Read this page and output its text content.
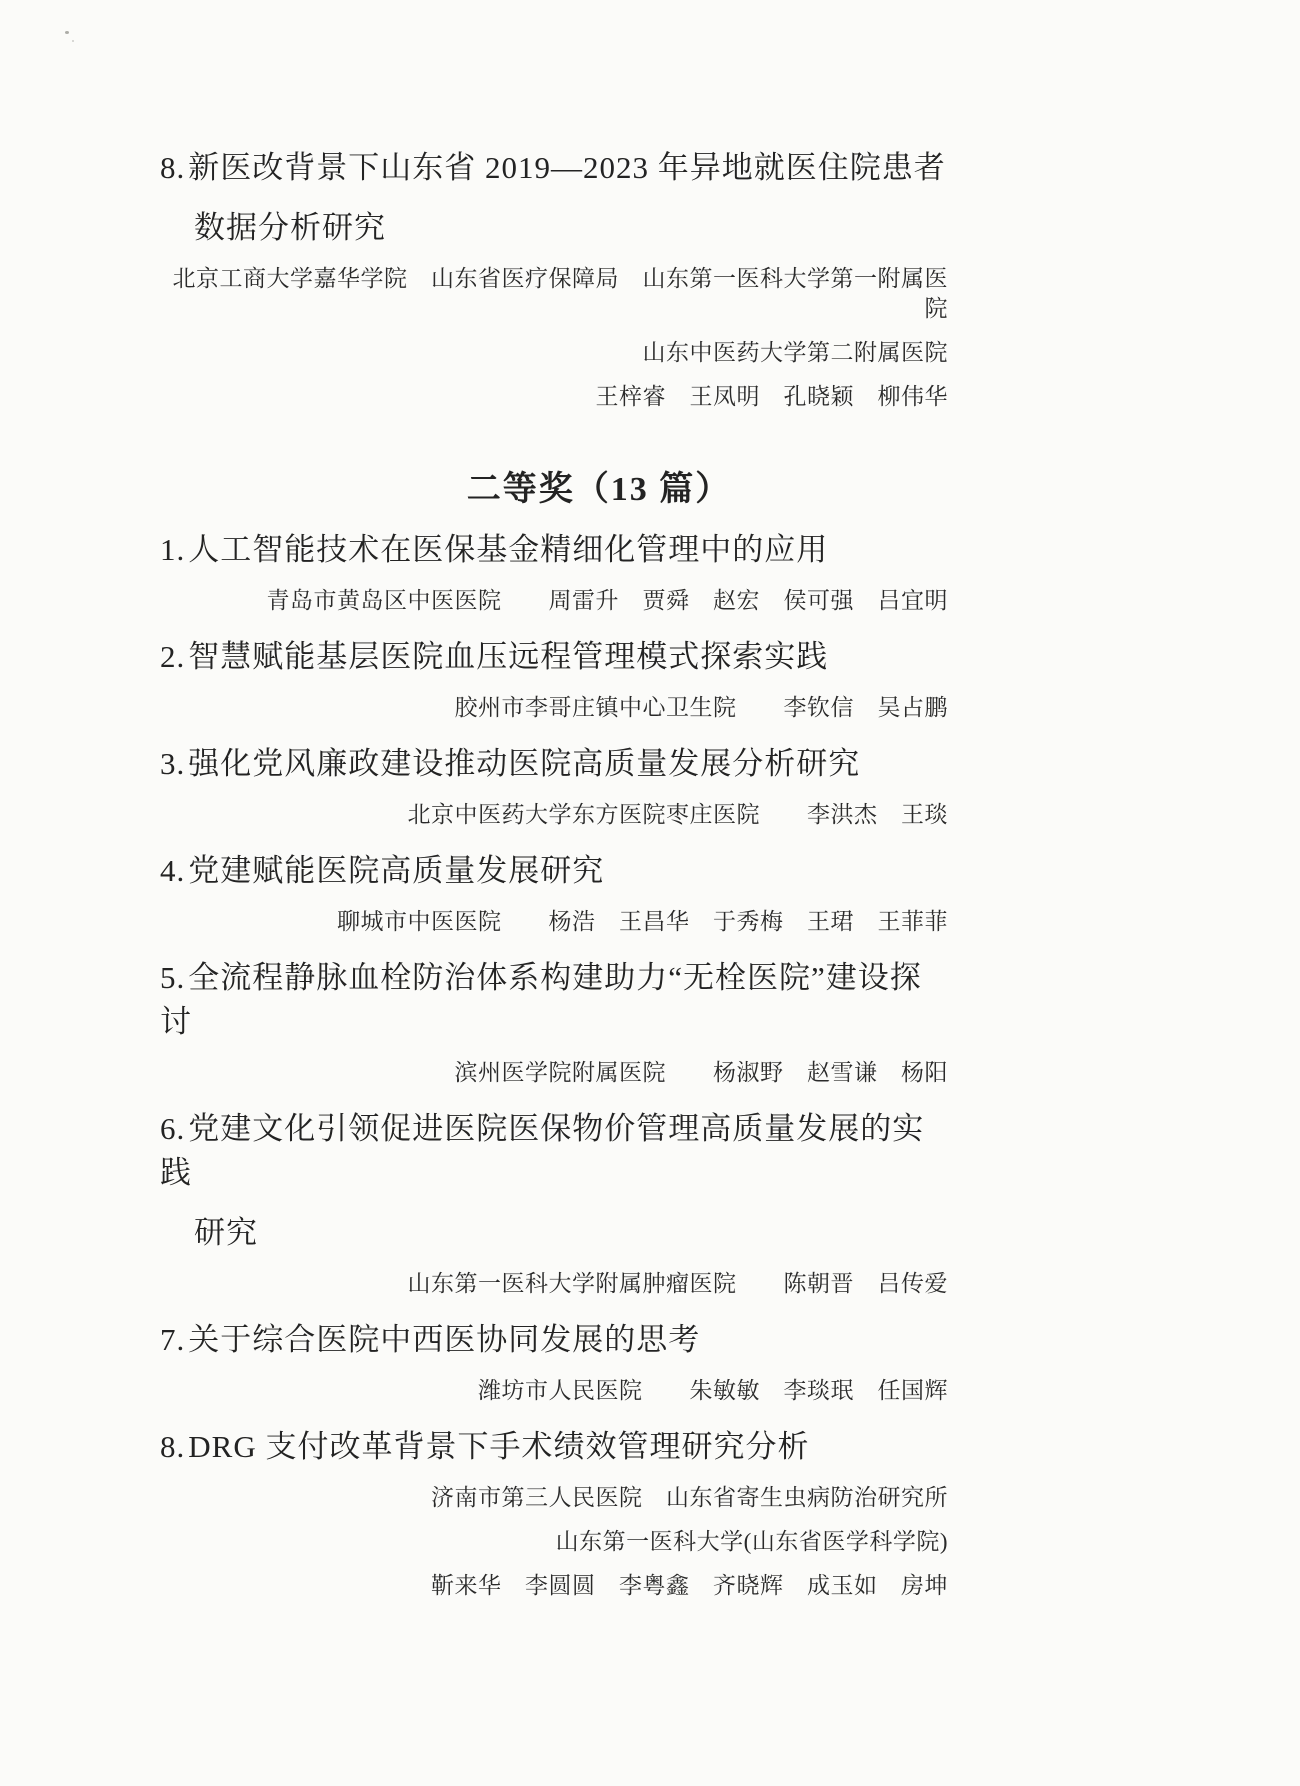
8.新医改背景下山东省 2019—2023 年异地就医住院患者
数据分析研究
北京工商大学嘉华学院　山东省医疗保障局　山东第一医科大学第一附属医院
山东中医药大学第二附属医院
王梓睿　王凤明　孔晓颖　柳伟华
二等奖（13 篇）
1.人工智能技术在医保基金精细化管理中的应用
青岛市黄岛区中医医院　　周雷升　贾舜　赵宏　侯可强　吕宜明
2.智慧赋能基层医院血压远程管理模式探索实践
胶州市李哥庄镇中心卫生院　　李钦信　吴占鹏
3.强化党风廉政建设推动医院高质量发展分析研究
北京中医药大学东方医院枣庄医院　　李洪杰　王琰
4.党建赋能医院高质量发展研究
聊城市中医医院　　杨浩　王昌华　于秀梅　王珺　王菲菲
5.全流程静脉血栓防治体系构建助力“无栓医院”建设探讨
滨州医学院附属医院　　杨淑野　赵雪谦　杨阳
6.党建文化引领促进医院医保物价管理高质量发展的实践
研究
山东第一医科大学附属肿瘤医院　　陈朝晋　吕传爱
7.关于综合医院中西医协同发展的思考
潍坊市人民医院　　朱敏敏　李琰珉　任国辉
8.DRG 支付改革背景下手术绩效管理研究分析
济南市第三人民医院　山东省寄生虫病防治研究所
山东第一医科大学(山东省医学科学院)
靳来华　李圆圆　李粤鑫　齐晓辉　成玉如　房坤
